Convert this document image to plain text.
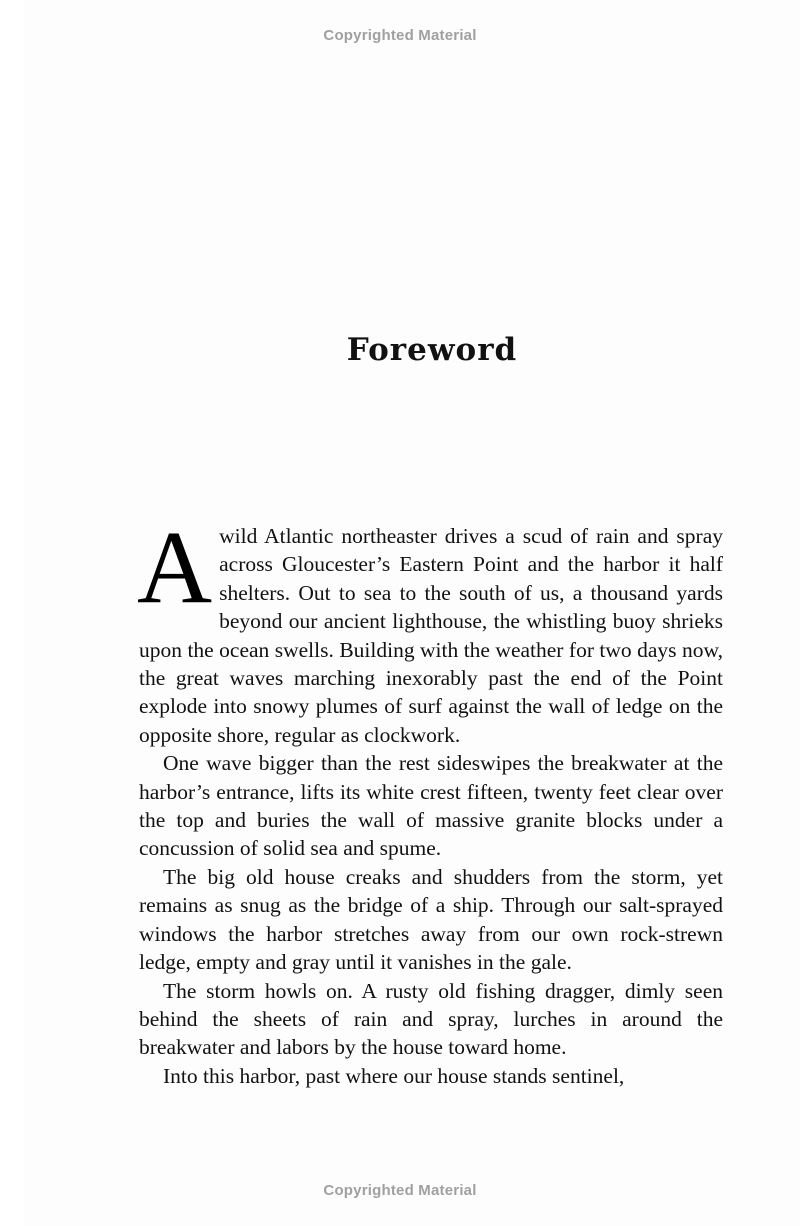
Copyrighted Material
Foreword

Awild Atlantic northeaster drives a scud of rain and spray across Gloucester’s Eastern Point and the harbor it half shelters. Out to sea to the south of us, a thousand yards beyond our ancient lighthouse, the whistling buoy shrieks upon the ocean swells. Building with the weather for two days now, the great waves marching inexorably past the end of the Point explode into snowy plumes of surf against the wall of ledge on the opposite shore, regular as clockwork.

One wave bigger than the rest sideswipes the breakwater at the harbor’s entrance, lifts its white crest fifteen, twenty feet clear over the top and buries the wall of massive granite blocks under a concussion of solid sea and spume.

The big old house creaks and shudders from the storm, yet remains as snug as the bridge of a ship. Through our salt-sprayed windows the harbor stretches away from our own rock-strewn ledge, empty and gray until it vanishes in the gale.

The storm howls on. A rusty old fishing dragger, dimly seen behind the sheets of rain and spray, lurches in around the breakwater and labors by the house toward home.

Into this harbor, past where our house stands sentinel,

Copyrighted Material
